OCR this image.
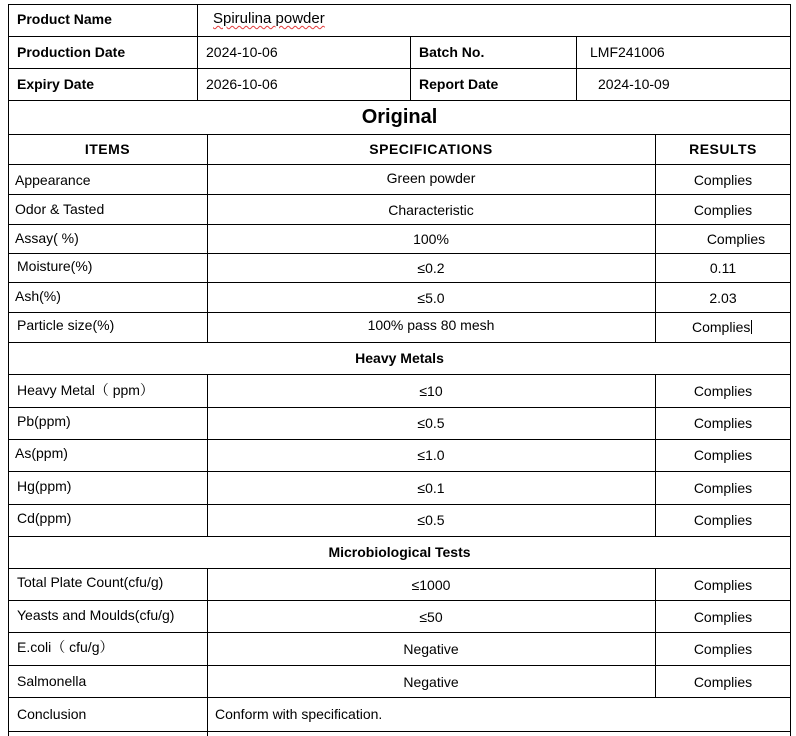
Product Name	Spirulina powder
Production Date	2024-10-06	Batch No.	LMF241006
Expiry Date	2026-10-06	Report Date	2024-10-09
Original
ITEMS	SPECIFICATIONS	RESULTS
Appearance	Green powder	Complies
Odor & Tasted	Characteristic	Complies
Assay( %)	100%	Complies
Moisture(%)	≤0.2	0.11
Ash(%)	≤5.0	2.03
Particle size(%)	100% pass 80 mesh	Complies
Heavy Metals
Heavy Metal（ ppm）	≤10	Complies
Pb(ppm)	≤0.5	Complies
As(ppm)	≤1.0	Complies
Hg(ppm)	≤0.1	Complies
Cd(ppm)	≤0.5	Complies
Microbiological Tests
Total Plate Count(cfu/g)	≤1000	Complies
Yeasts and Moulds(cfu/g)	≤50	Complies
E.coli（ cfu/g）	Negative	Complies
Salmonella	Negative	Complies
Conclusion	Conform with specification.
